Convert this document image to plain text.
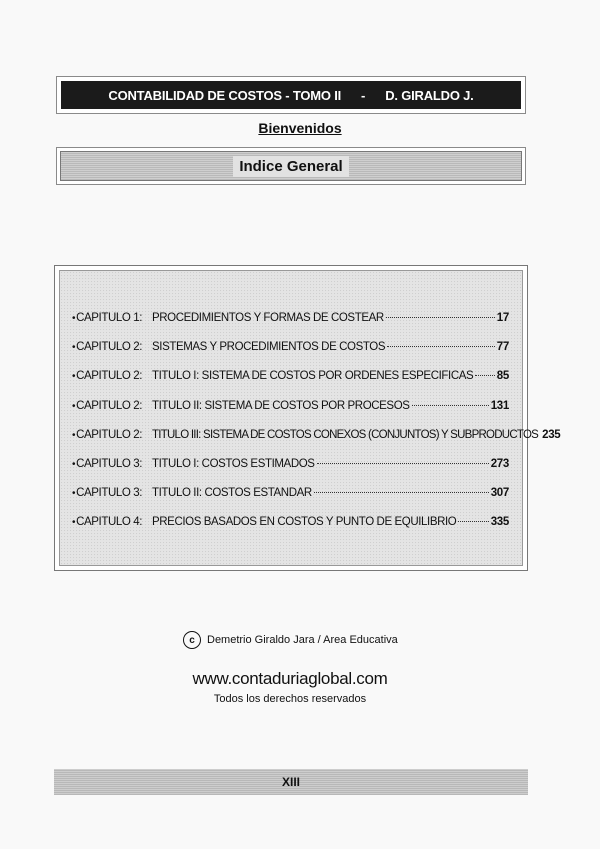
CONTABILIDAD DE COSTOS - TOMO II - D. GIRALDO J.
Bienvenidos
Indice General
•CAPITULO 1: PROCEDIMIENTOS Y FORMAS DE COSTEAR	17
•CAPITULO 2: SISTEMAS Y PROCEDIMIENTOS DE COSTOS	77
•CAPITULO 2: TITULO I: SISTEMA DE COSTOS POR ORDENES ESPECIFICAS 85
•CAPITULO 2: TITULO II: SISTEMA DE COSTOS POR PROCESOS	131
•CAPITULO 2: TITULO III: SISTEMA DE COSTOS CONEXOS (CONJUNTOS) Y SUBPRODUCTOS 235
•CAPITULO 3: TITULO I: COSTOS ESTIMADOS	273
•CAPITULO 3: TITULO II: COSTOS ESTANDAR	307
•CAPITULO 4: PRECIOS BASADOS EN COSTOS Y PUNTO DE EQUILIBRIO	335
c	Demetrio Giraldo Jara / Area Educativa
www.contaduriaglobal.com
Todos los derechos reservados
XIII
